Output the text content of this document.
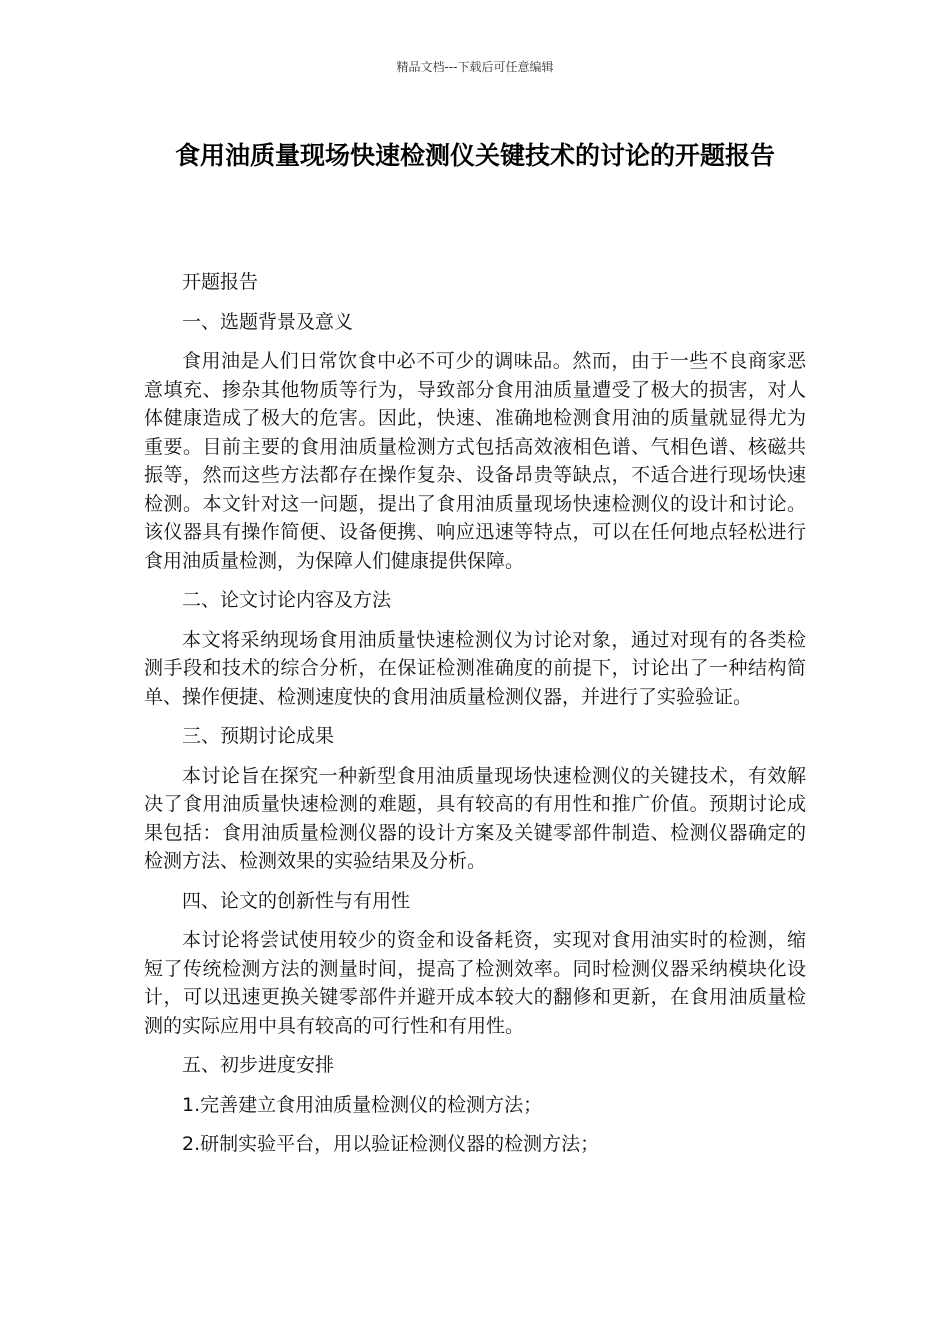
精品文档---下载后可任意编辑
食用油质量现场快速检测仪关键技术的讨论的开题报告

开题报告

一、选题背景及意义

食用油是人们日常饮食中必不可少的调味品。然而，由于一些不良商家恶意填充、掺杂其他物质等行为，导致部分食用油质量遭受了极大的损害，对人体健康造成了极大的危害。因此，快速、准确地检测食用油的质量就显得尤为重要。目前主要的食用油质量检测方式包括高效液相色谱、气相色谱、核磁共振等，然而这些方法都存在操作复杂、设备昂贵等缺点，不适合进行现场快速检测。本文针对这一问题，提出了食用油质量现场快速检测仪的设计和讨论。该仪器具有操作简便、设备便携、响应迅速等特点，可以在任何地点轻松进行食用油质量检测，为保障人们健康提供保障。

二、论文讨论内容及方法

本文将采纳现场食用油质量快速检测仪为讨论对象，通过对现有的各类检测手段和技术的综合分析，在保证检测准确度的前提下，讨论出了一种结构简单、操作便捷、检测速度快的食用油质量检测仪器，并进行了实验验证。

三、预期讨论成果

本讨论旨在探究一种新型食用油质量现场快速检测仪的关键技术，有效解决了食用油质量快速检测的难题，具有较高的有用性和推广价值。预期讨论成果包括：食用油质量检测仪器的设计方案及关键零部件制造、检测仪器确定的检测方法、检测效果的实验结果及分析。

四、论文的创新性与有用性

本讨论将尝试使用较少的资金和设备耗资，实现对食用油实时的检测，缩短了传统检测方法的测量时间，提高了检测效率。同时检测仪器采纳模块化设计，可以迅速更换关键零部件并避开成本较大的翻修和更新，在食用油质量检测的实际应用中具有较高的可行性和有用性。

五、初步进度安排

1.完善建立食用油质量检测仪的检测方法；

2.研制实验平台，用以验证检测仪器的检测方法；
